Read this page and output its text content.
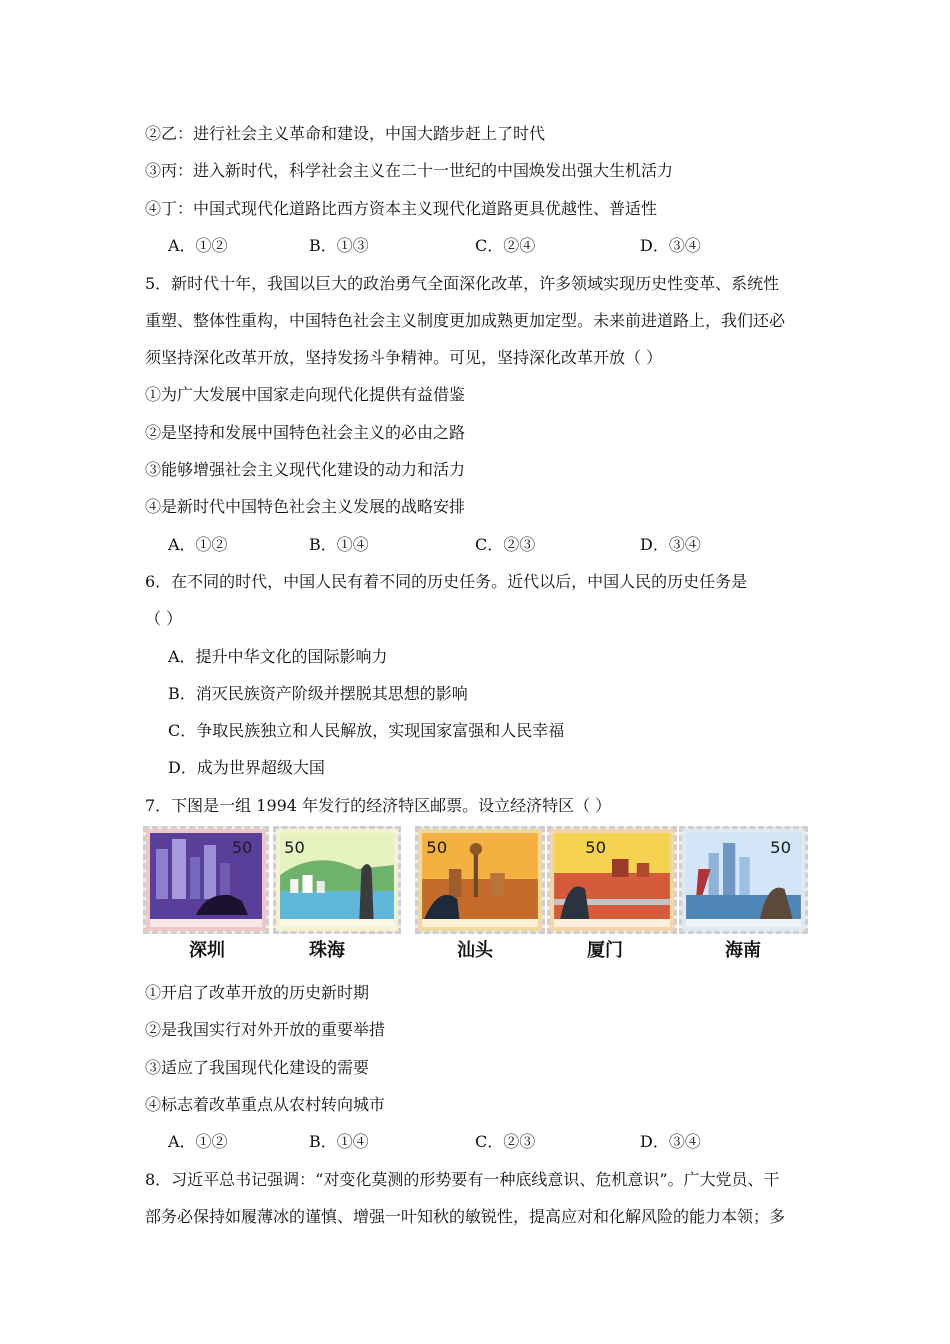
②乙：进行社会主义革命和建设，中国大踏步赶上了时代
③丙：进入新时代，科学社会主义在二十一世纪的中国焕发出强大生机活力
④丁：中国式现代化道路比西方资本主义现代化道路更具优越性、普适性
A．①②	B．①③	C．②④	D．③④
5．新时代十年，我国以巨大的政治勇气全面深化改革，许多领域实现历史性变革、系统性
重塑、整体性重构，中国特色社会主义制度更加成熟更加定型。未来前进道路上，我们还必
须坚持深化改革开放，坚持发扬斗争精神。可见，坚持深化改革开放（ ）
①为广大发展中国家走向现代化提供有益借鉴
②是坚持和发展中国特色社会主义的必由之路
③能够增强社会主义现代化建设的动力和活力
④是新时代中国特色社会主义发展的战略安排
A．①②	B．①④	C．②③	D．③④
6．在不同的时代，中国人民有着不同的历史任务。近代以后，中国人民的历史任务是
（ ）
A．提升中华文化的国际影响力
B．消灭民族资产阶级并摆脱其思想的影响
C．争取民族独立和人民解放，实现国家富强和人民幸福
D．成为世界超级大国
7．下图是一组 1994 年发行的经济特区邮票。设立经济特区（ ）
50 50	50	50	50
深圳	珠海	汕头	厦门	海南
①开启了改革开放的历史新时期
②是我国实行对外开放的重要举措
③适应了我国现代化建设的需要
④标志着改革重点从农村转向城市
A．①②	B．①④	C．②③	D．③④
8．习近平总书记强调：“对变化莫测的形势要有一种底线意识、危机意识”。广大党员、干
部务必保持如履薄冰的谨慎、增强一叶知秋的敏锐性，提高应对和化解风险的能力本领；多
